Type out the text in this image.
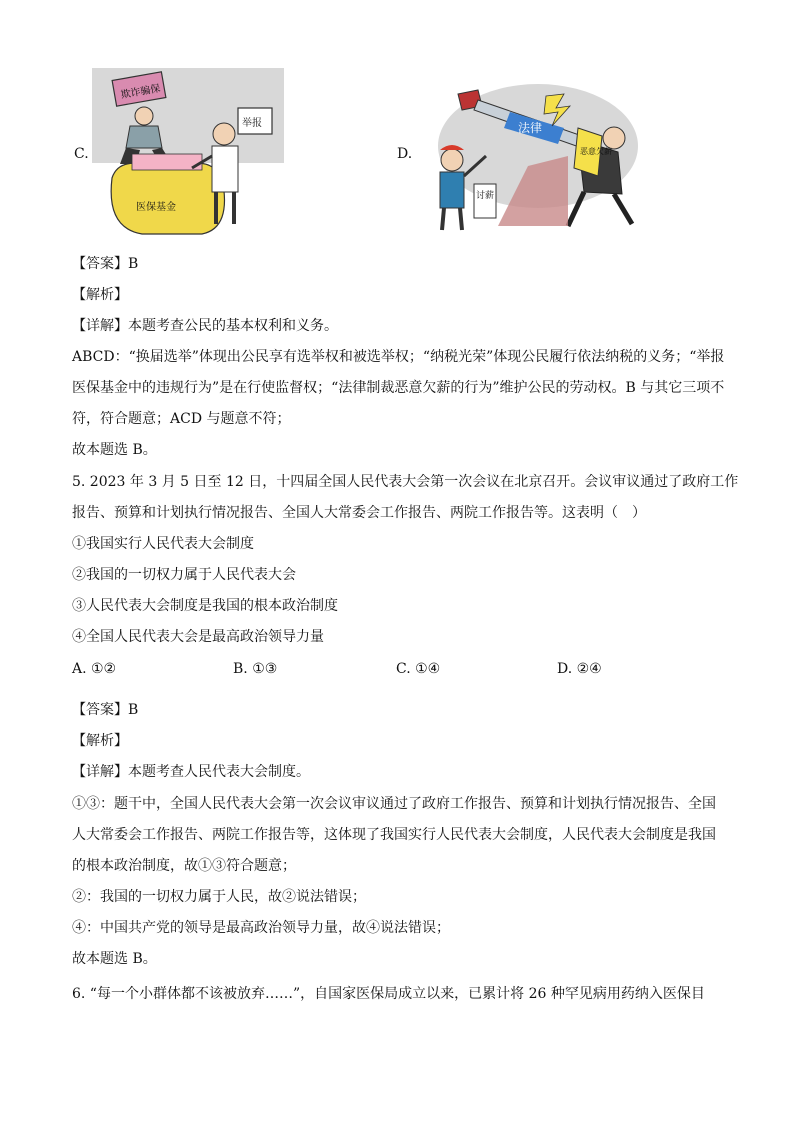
C.
欺诈骗保
医保基金
举报
D.
法律
恶意欠薪
讨薪
【答案】B
【解析】
【详解】本题考查公民的基本权利和义务。
ABCD：“换届选举”体现出公民享有选举权和被选举权；“纳税光荣”体现公民履行依法纳税的义务；“举报
医保基金中的违规行为”是在行使监督权；“法律制裁恶意欠薪的行为”维护公民的劳动权。B 与其它三项不
符，符合题意；ACD 与题意不符；
故本题选 B。
5. 2023 年 3 月 5 日至 12 日，十四届全国人民代表大会第一次会议在北京召开。会议审议通过了政府工作
报告、预算和计划执行情况报告、全国人大常委会工作报告、两院工作报告等。这表明（　）
①我国实行人民代表大会制度
②我国的一切权力属于人民代表大会
③人民代表大会制度是我国的根本政治制度
④全国人民代表大会是最高政治领导力量
A. ①②	B. ①③	C. ①④	D. ②④
【答案】B
【解析】
【详解】本题考查人民代表大会制度。
①③：题干中，全国人民代表大会第一次会议审议通过了政府工作报告、预算和计划执行情况报告、全国
人大常委会工作报告、两院工作报告等，这体现了我国实行人民代表大会制度，人民代表大会制度是我国
的根本政治制度，故①③符合题意；
②：我国的一切权力属于人民，故②说法错误；
④：中国共产党的领导是最高政治领导力量，故④说法错误；
故本题选 B。
6. “每一个小群体都不该被放弃……”，自国家医保局成立以来，已累计将 26 种罕见病用药纳入医保目
